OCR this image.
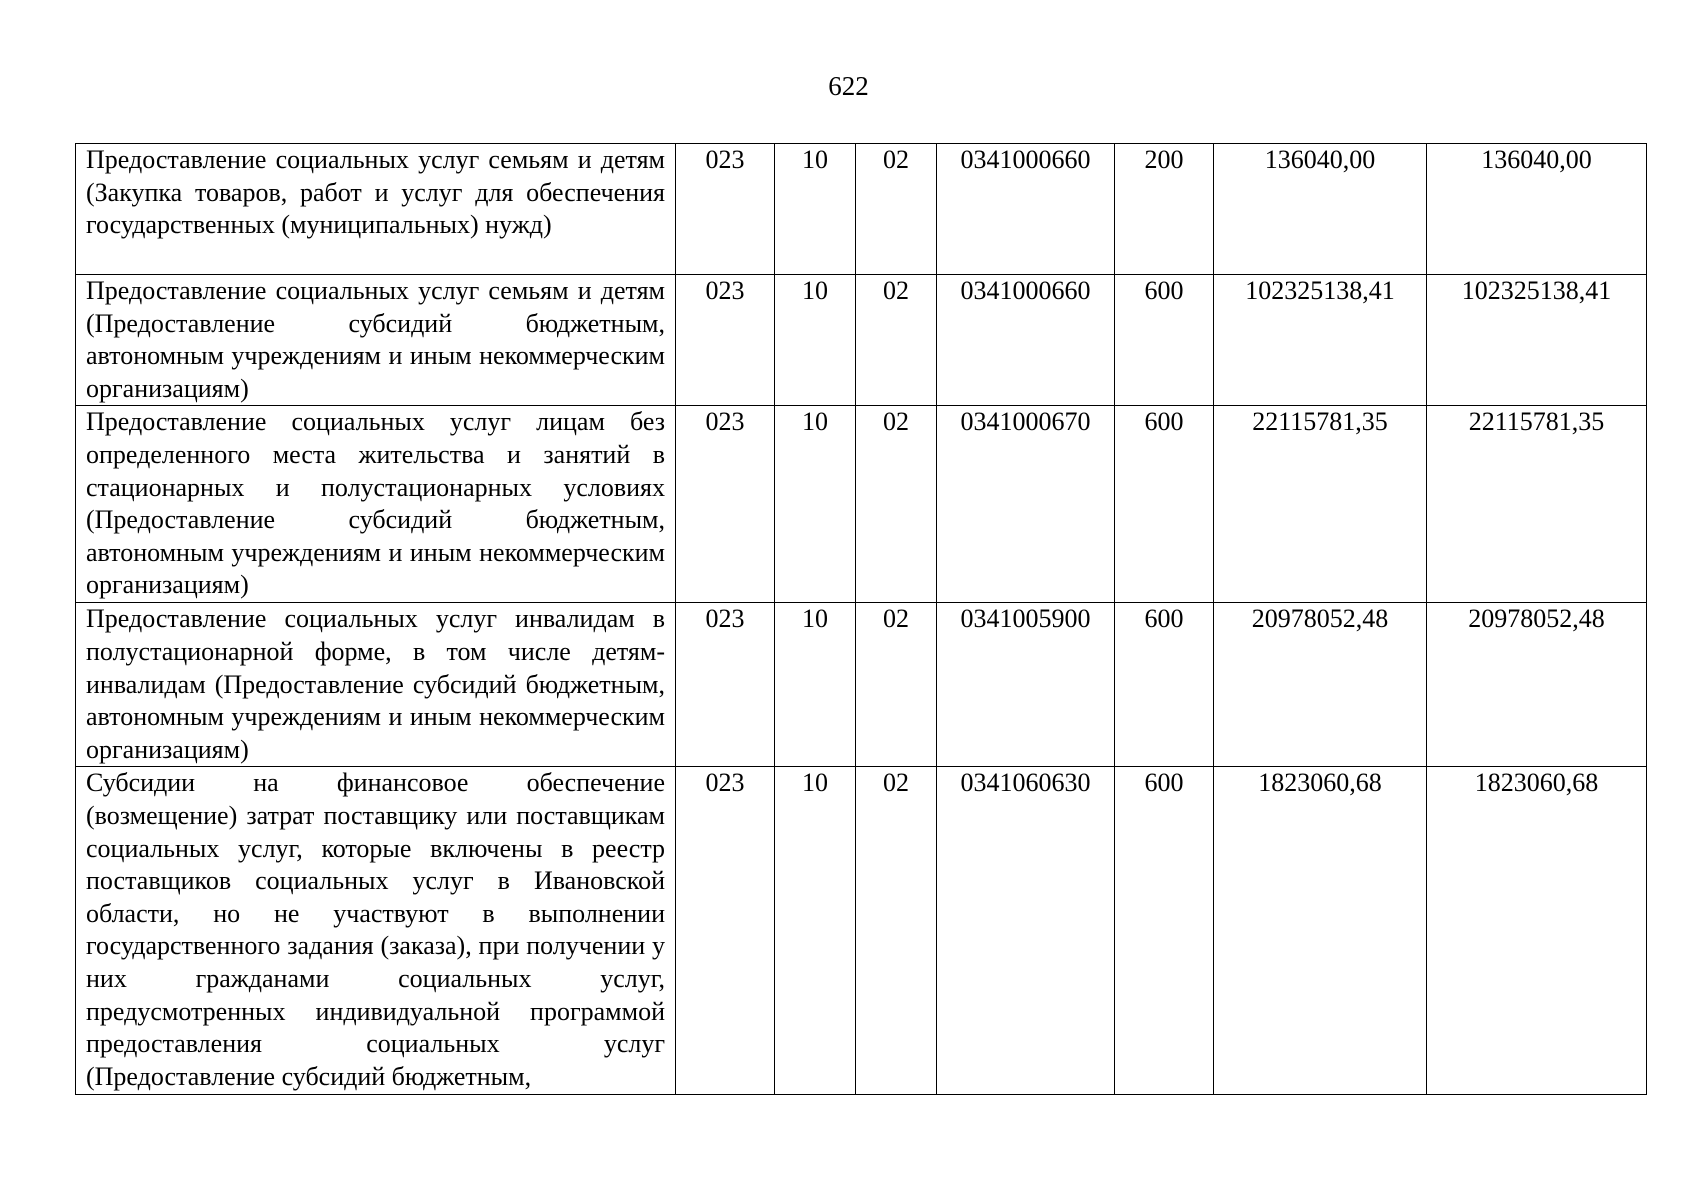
622
Предоставление социальных услуг семьям и детям (Закупка товаров, работ и услуг для обеспечения государственных (муниципальных) нужд)	023	10	02	0341000660	200	136040,00	136040,00
Предоставление социальных услуг семьям и детям (Предоставление субсидий бюджетным, автономным учреждениям и иным некоммерческим организациям)	023	10	02	0341000660	600	102325138,41	102325138,41
Предоставление социальных услуг лицам без определенного места жительства и занятий в стационарных и полустационарных условиях (Предоставление субсидий бюджетным, автономным учреждениям и иным некоммерческим организациям)	023	10	02	0341000670	600	22115781,35	22115781,35
Предоставление социальных услуг инвалидам в полустационарной форме, в том числе детям-инвалидам (Предоставление субсидий бюджетным, автономным учреждениям и иным некоммерческим организациям)	023	10	02	0341005900	600	20978052,48	20978052,48
Субсидии на финансовое обеспечение (возмещение) затрат поставщику или поставщикам социальных услуг, которые включены в реестр поставщиков социальных услуг в Ивановской области, но не участвуют в выполнении государственного задания (заказа), при получении у них гражданами социальных услуг, предусмотренных индивидуальной программой предоставления социальных услуг (Предоставление субсидий бюджетным,	023	10	02	0341060630	600	1823060,68	1823060,68
